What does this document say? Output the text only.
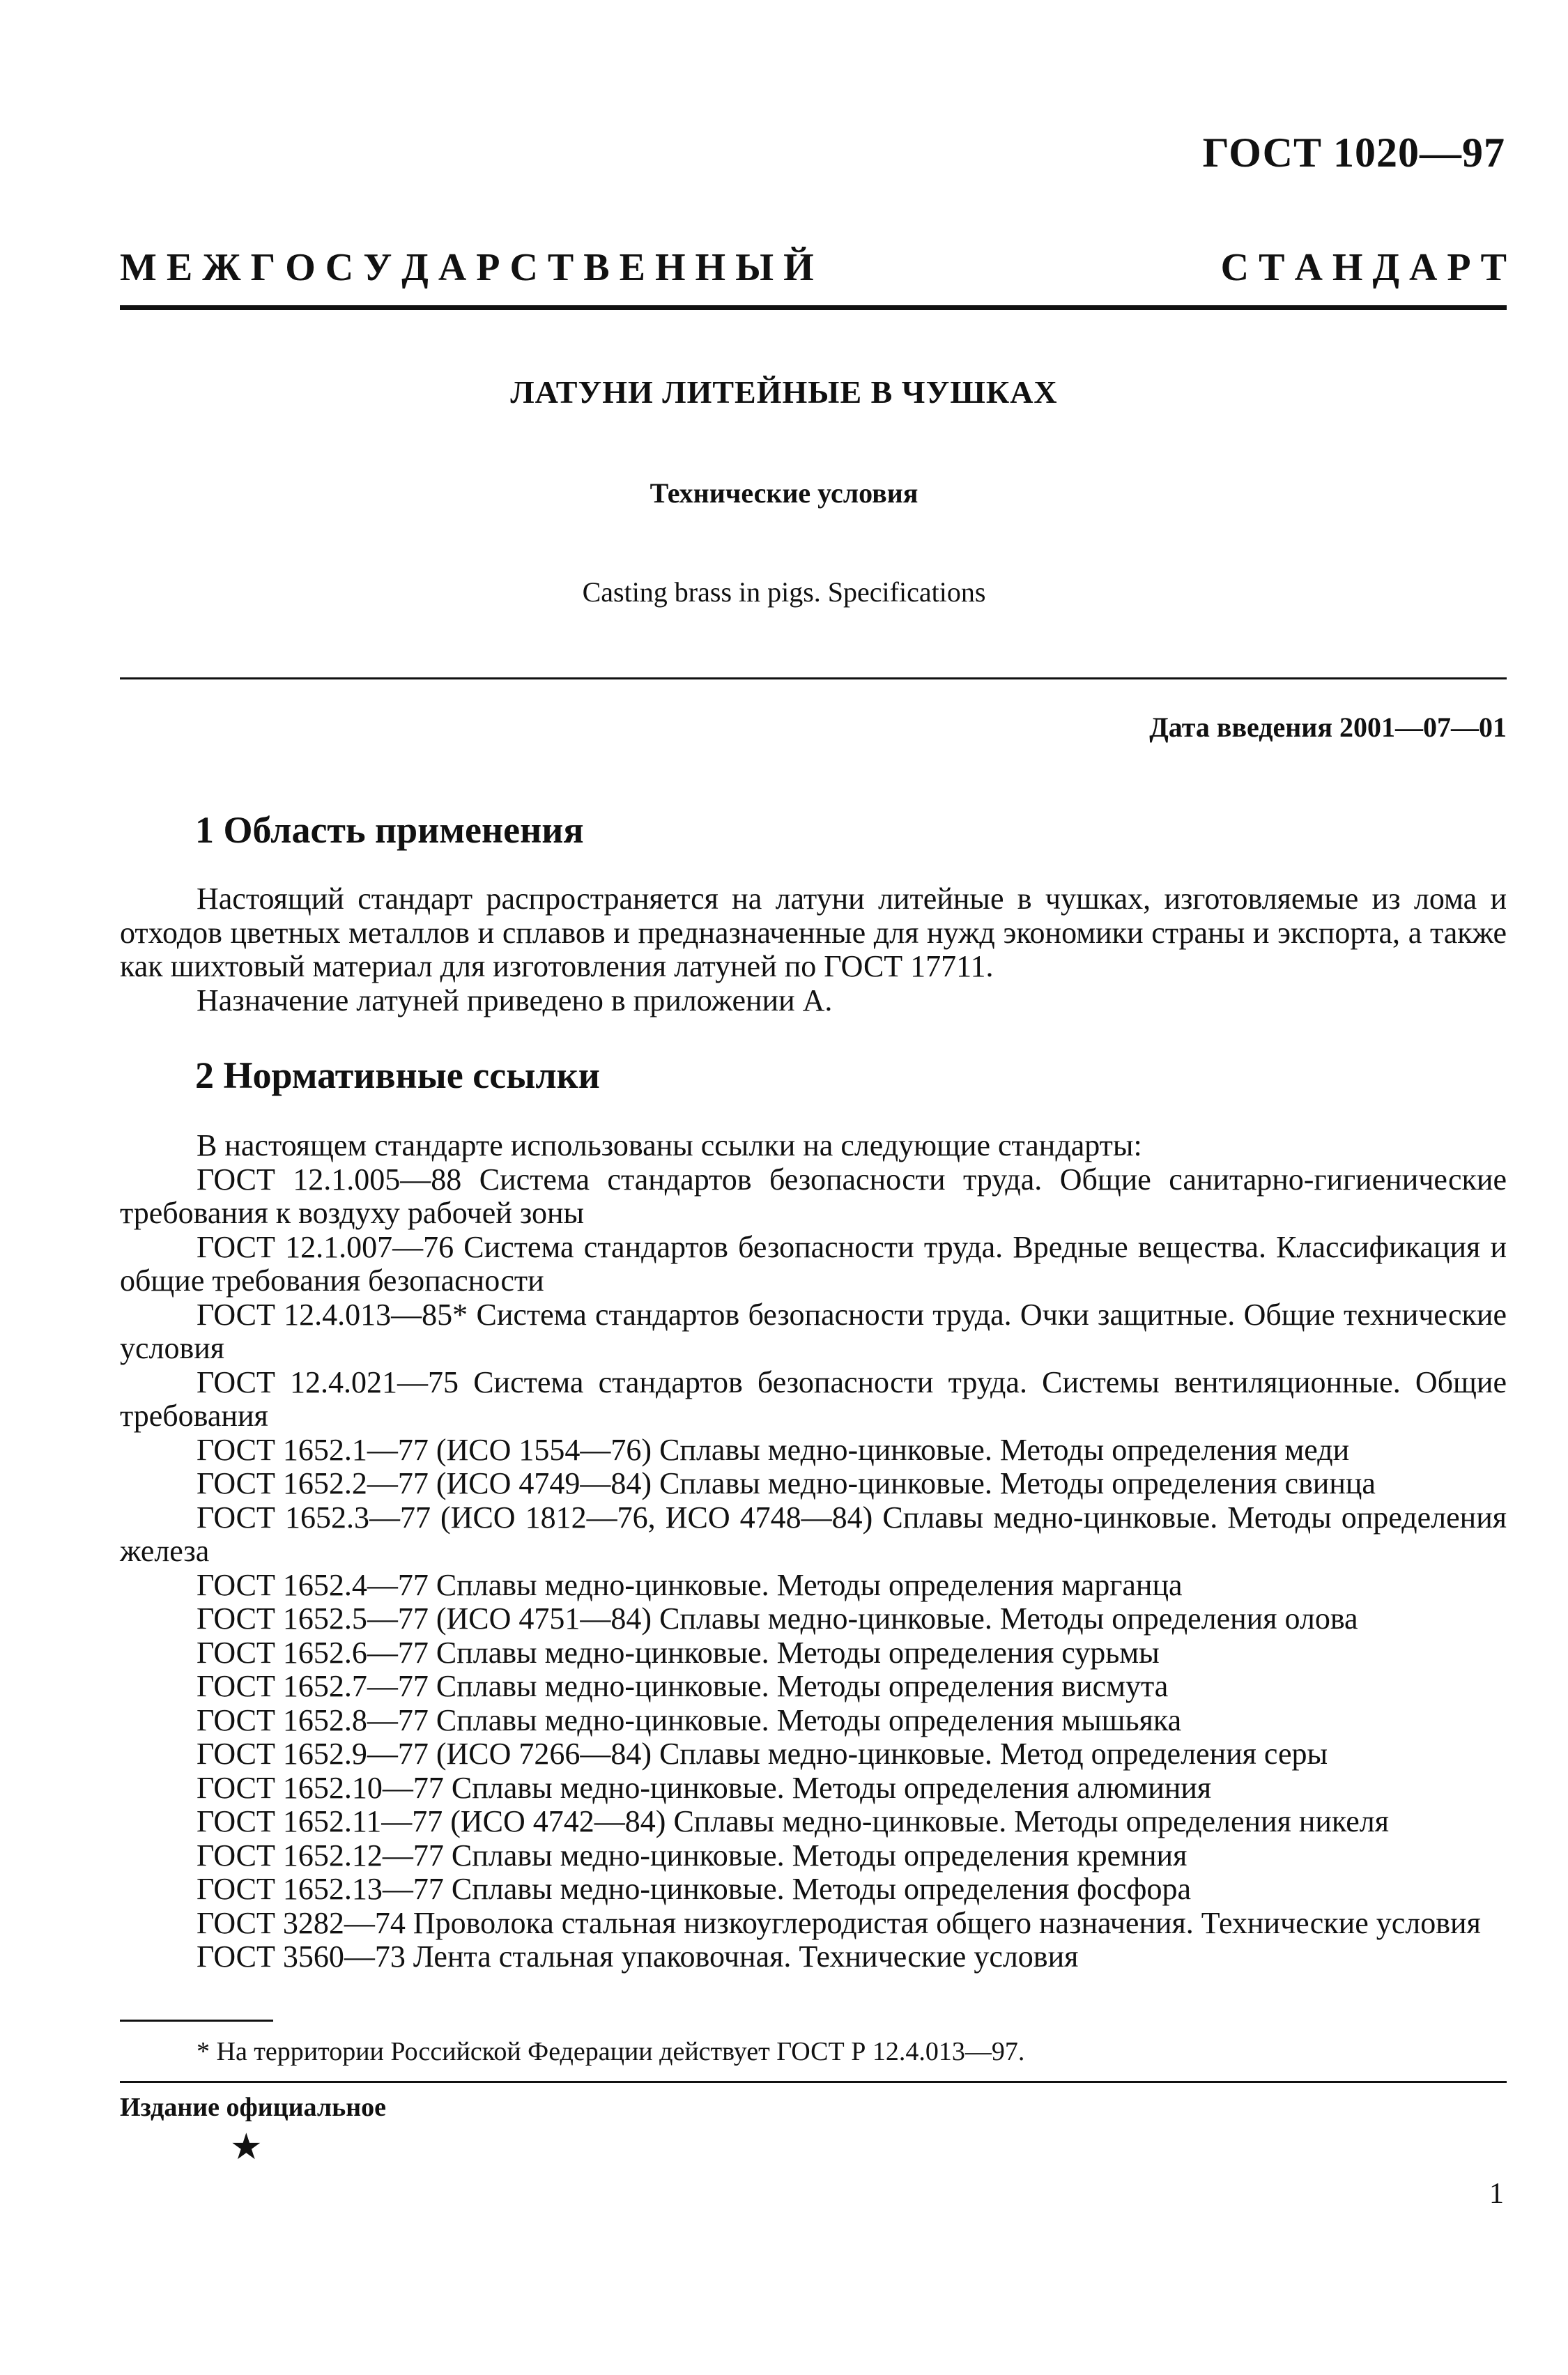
ГОСТ 1020—97
М Е Ж Г О С У Д А Р С Т В Е Н Н Ы Й	С Т А Н Д А Р Т
ЛАТУНИ ЛИТЕЙНЫЕ В ЧУШКАХ
Технические условия
Casting brass in pigs. Specifications
Дата введения 2001—07—01
1 Область применения

Настоящий стандарт распространяется на латуни литейные в чушках, изготовляемые из лома и отходов цветных металлов и сплавов и предназначенные для нужд экономики страны и экспорта, а также как шихтовый материал для изготовления латуней по ГОСТ 17711.

Назначение латуней приведено в приложении А.

2 Нормативные ссылки

В настоящем стандарте использованы ссылки на следующие стандарты:

ГОСТ 12.1.005—88 Система стандартов безопасности труда. Общие санитарно-гигиенические требования к воздуху рабочей зоны

ГОСТ 12.1.007—76 Система стандартов безопасности труда. Вредные вещества. Классификация и общие требования безопасности

ГОСТ 12.4.013—85* Система стандартов безопасности труда. Очки защитные. Общие технические условия

ГОСТ 12.4.021—75 Система стандартов безопасности труда. Системы вентиляционные. Общие требования

ГОСТ 1652.1—77 (ИСО 1554—76) Сплавы медно-цинковые. Методы определения меди

ГОСТ 1652.2—77 (ИСО 4749—84) Сплавы медно-цинковые. Методы определения свинца

ГОСТ 1652.3—77 (ИСО 1812—76, ИСО 4748—84) Сплавы медно-цинковые. Методы определения железа

ГОСТ 1652.4—77 Сплавы медно-цинковые. Методы определения марганца

ГОСТ 1652.5—77 (ИСО 4751—84) Сплавы медно-цинковые. Методы определения олова

ГОСТ 1652.6—77 Сплавы медно-цинковые. Методы определения сурьмы

ГОСТ 1652.7—77 Сплавы медно-цинковые. Методы определения висмута

ГОСТ 1652.8—77 Сплавы медно-цинковые. Методы определения мышьяка

ГОСТ 1652.9—77 (ИСО 7266—84) Сплавы медно-цинковые. Метод определения серы

ГОСТ 1652.10—77 Сплавы медно-цинковые. Методы определения алюминия

ГОСТ 1652.11—77 (ИСО 4742—84) Сплавы медно-цинковые. Методы определения никеля

ГОСТ 1652.12—77 Сплавы медно-цинковые. Методы определения кремния

ГОСТ 1652.13—77 Сплавы медно-цинковые. Методы определения фосфора

ГОСТ 3282—74 Проволока стальная низкоуглеродистая общего назначения. Технические условия

ГОСТ 3560—73 Лента стальная упаковочная. Технические условия

* На территории Российской Федерации действует ГОСТ Р 12.4.013—97.
Издание официальное
★
1
